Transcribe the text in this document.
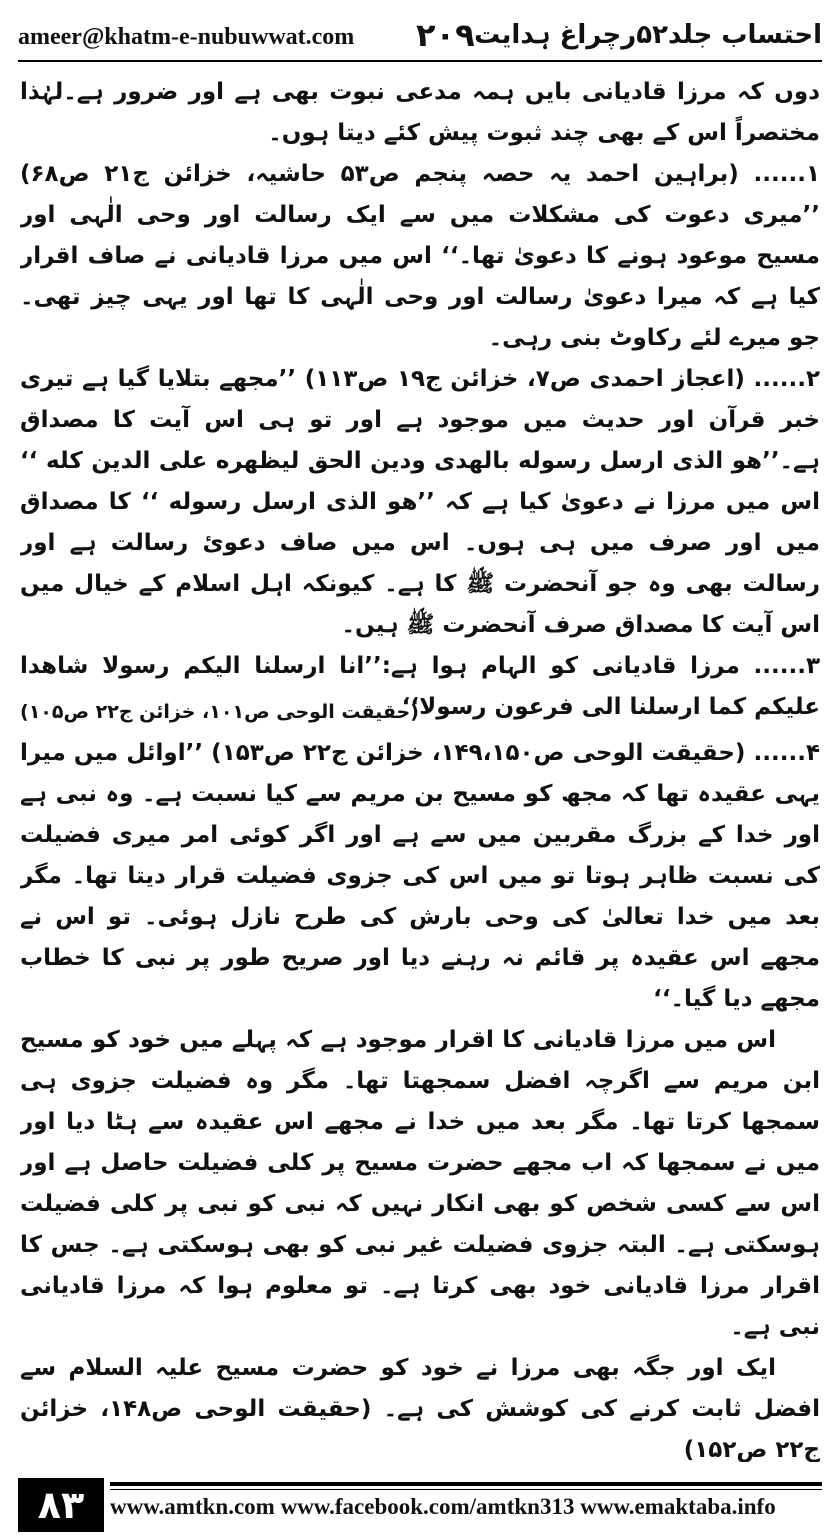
ameer@khatm-e-nubuwwat.com ۲۰۹ احتساب جلد۵۲رچراغ ہدایت

دوں کہ مرزا قادیانی بایں ہمہ مدعی نبوت بھی ہے اور ضرور ہے۔لہٰذا مختصراً اس کے بھی چند ثبوت پیش کئے دیتا ہوں۔

۱...... (براہین احمد یہ حصہ پنجم ص۵۳ حاشیہ، خزائن ج۲۱ ص۶۸) ’’میری دعوت کی مشکلات میں سے ایک رسالت اور وحی الٰہی اور مسیح موعود ہونے کا دعویٰ تھا۔‘‘ اس میں مرزا قادیانی نے صاف اقرار کیا ہے کہ میرا دعویٰ رسالت اور وحی الٰہی کا تھا اور یہی چیز تھی۔ جو میرے لئے رکاوٹ بنی رہی۔

۲...... (اعجاز احمدی ص۷، خزائن ج۱۹ ص۱۱۳) ’’مجھے بتلایا گیا ہے تیری خبر قرآن اور حدیث میں موجود ہے اور تو ہی اس آیت کا مصداق ہے۔’’ھو الذی ارسل رسوله بالهدی ودین الحق لیظھره علی الدین کله ‘‘ اس میں مرزا نے دعویٰ کیا ہے کہ ’’ھو الذی ارسل رسوله ‘‘ کا مصداق میں اور صرف میں ہی ہوں۔ اس میں صاف دعوئ رسالت ہے اور رسالت بھی وہ جو آنحضرت ﷺ کا ہے۔ کیونکہ اہل اسلام کے خیال میں اس آیت کا مصداق صرف آنحضرت ﷺ ہیں۔

۳...... مرزا قادیانی کو الہام ہوا ہے:’’انا ارسلنا الیکم رسولا شاھدا علیکم کما ارسلنا الی فرعون رسولا‘‘

(حقیقت الوحی ص۱۰۱، خزائن ج۲۲ ص۱۰۵)

۴...... (حقیقت الوحی ص۱۴۹،۱۵۰، خزائن ج۲۲ ص۱۵۳) ’’اوائل میں میرا یہی عقیدہ تھا کہ مجھ کو مسیح بن مریم سے کیا نسبت ہے۔ وہ نبی ہے اور خدا کے بزرگ مقربین میں سے ہے اور اگر کوئی امر میری فضیلت کی نسبت ظاہر ہوتا تو میں اس کی جزوی فضیلت قرار دیتا تھا۔ مگر بعد میں خدا تعالیٰ کی وحی بارش کی طرح نازل ہوئی۔ تو اس نے مجھے اس عقیدہ پر قائم نہ رہنے دیا اور صریح طور پر نبی کا خطاب مجھے دیا گیا۔‘‘

اس میں مرزا قادیانی کا اقرار موجود ہے کہ پہلے میں خود کو مسیح ابن مریم سے اگرچہ افضل سمجھتا تھا۔ مگر وہ فضیلت جزوی ہی سمجھا کرتا تھا۔ مگر بعد میں خدا نے مجھے اس عقیدہ سے ہٹا دیا اور میں نے سمجھا کہ اب مجھے حضرت مسیح پر کلی فضیلت حاصل ہے اور اس سے کسی شخص کو بھی انکار نہیں کہ نبی کو نبی پر کلی فضیلت ہوسکتی ہے۔ البتہ جزوی فضیلت غیر نبی کو بھی ہوسکتی ہے۔ جس کا اقرار مرزا قادیانی خود بھی کرتا ہے۔ تو معلوم ہوا کہ مرزا قادیانی نبی ہے۔

ایک اور جگہ بھی مرزا نے خود کو حضرت مسیح علیہ السلام سے افضل ثابت کرنے کی کوشش کی ہے۔ (حقیقت الوحی ص۱۴۸، خزائن ج۲۲ ص۱۵۲)

۸۳	www.amtkn.com www.facebook.com/amtkn313 www.emaktaba.info
